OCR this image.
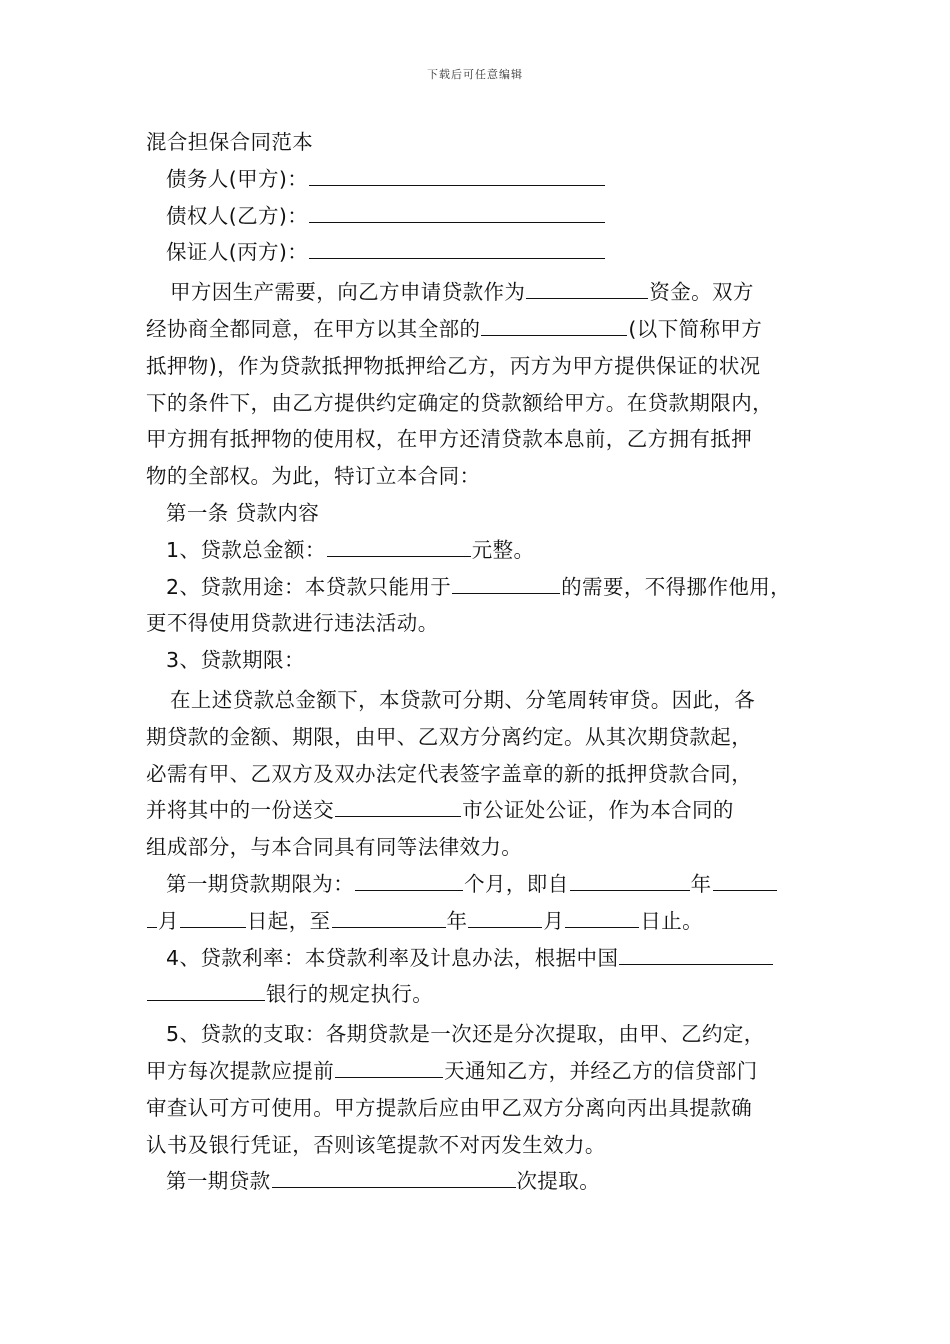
下载后可任意编辑
混合担保合同范本
债务人(甲方)：
债权人(乙方)：
保证人(丙方)：
甲方因生产需要，向乙方申请贷款作为	资金。双方
经协商全都同意，在甲方以其全部的	(以下简称甲方
抵押物)，作为贷款抵押物抵押给乙方，丙方为甲方提供保证的状况
下的条件下，由乙方提供约定确定的贷款额给甲方。在贷款期限内，
甲方拥有抵押物的使用权，在甲方还清贷款本息前，乙方拥有抵押
物的全部权。为此，特订立本合同：
第一条 贷款内容
1、贷款总金额：	元整。
2、贷款用途：本贷款只能用于	的需要，不得挪作他用，
更不得使用贷款进行违法活动。
3、贷款期限：
在上述贷款总金额下，本贷款可分期、分笔周转审贷。因此，各
期贷款的金额、期限，由甲、乙双方分离约定。从其次期贷款起，
必需有甲、乙双方及双办法定代表签字盖章的新的抵押贷款合同，
并将其中的一份送交	市公证处公证，作为本合同的
组成部分，与本合同具有同等法律效力。
第一期贷款期限为：	个月，即自	年
月	日起，至	年	月	日止。
4、贷款利率：本贷款利率及计息办法，根据中国
银行的规定执行。
5、贷款的支取：各期贷款是一次还是分次提取，由甲、乙约定，
甲方每次提款应提前	天通知乙方，并经乙方的信贷部门
审查认可方可使用。甲方提款后应由甲乙双方分离向丙出具提款确
认书及银行凭证，否则该笔提款不对丙发生效力。
第一期贷款	次提取。
